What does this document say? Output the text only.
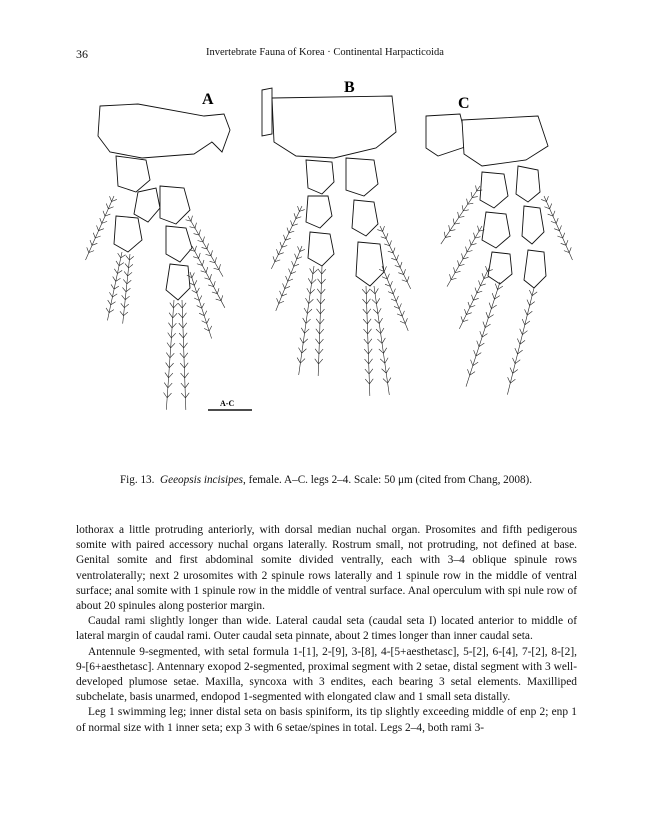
36	Invertebrate Fauna of Korea · Continental Harpacticoida
A
B
C
A-C
Fig. 13. Geeopsis incisipes, female. A–C. legs 2–4. Scale: 50 μm (cited from Chang, 2008).

lothorax a little protruding anteriorly, with dorsal median nuchal organ. Prosomites and fifth pedigerous somite with paired accessory nuchal organs laterally. Rostrum small, not protruding, not defined at base. Genital somite and first abdominal somite divided ventrally, each with 3–4 oblique spinule rows ventrolaterally; next 2 urosomites with 2 spinule rows laterally and 1 spinule row in the middle of ventral surface; anal somite with 1 spinule row in the middle of ventral surface. Anal operculum with spi nule row of about 20 spinules along posterior margin.

Caudal rami slightly longer than wide. Lateral caudal seta (caudal seta I) located anterior to middle of lateral margin of caudal rami. Outer caudal seta pinnate, about 2 times longer than inner caudal seta.

Antennule 9-segmented, with setal formula 1-[1], 2-[9], 3-[8], 4-[5+aesthetasc], 5-[2], 6-[4], 7-[2], 8-[2], 9-[6+aesthetasc]. Antennary exopod 2-segmented, proximal segment with 2 setae, distal segment with 3 well-developed plumose setae. Maxilla, syncoxa with 3 endites, each bearing 3 setal elements. Maxilliped subchelate, basis unarmed, endopod 1-segmented with elongated claw and 1 small seta distally.

Leg 1 swimming leg; inner distal seta on basis spiniform, its tip slightly exceeding middle of enp 2; enp 1 of normal size with 1 inner seta; exp 3 with 6 setae/spines in total. Legs 2–4, both rami 3-
